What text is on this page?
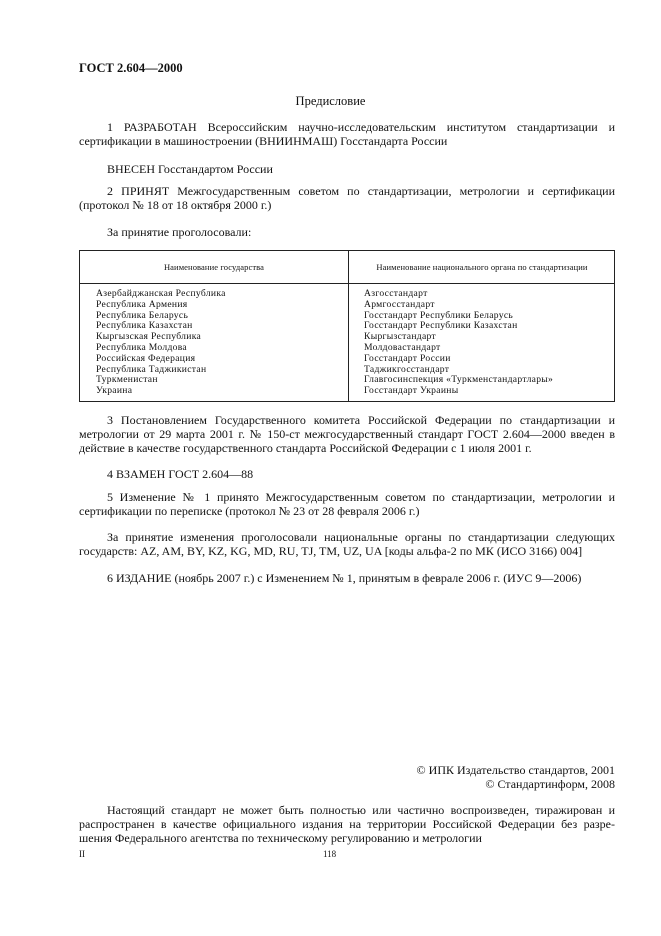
ГОСТ 2.604—2000
Предисловие
1 РАЗРАБОТАН Всероссийским научно-исследовательским институтом стандартизации и
сертификации в машиностроении (ВНИИНМАШ) Госстандарта России
ВНЕСЕН Госстандартом России
2 ПРИНЯТ Межгосударственным советом по стандартизации, метрологии и сертификации
(протокол № 18 от 18 октября 2000 г.)
За принятие проголосовали:
Наименование государства	Наименование национального органа по стандартизации
Азербайджанская Республика
Республика Армения
Республика Беларусь
Республика Казахстан
Кыргызская Республика
Республика Молдова
Российская Федерация
Республика Таджикистан
Туркменистан
Украина
Азгосстандарт
Армгосстандарт
Госстандарт Республики Беларусь
Госстандарт Республики Казахстан
Кыргызстандарт
Молдовастандарт
Госстандарт России
Таджикгосстандарт
Главгосинспекция «Туркменстандартлары»
Госстандарт Украины
3 Постановлением Государственного комитета Российской Федерации по стандартизации и
метрологии от 29 марта 2001 г. № 150-ст межгосударственный стандарт ГОСТ 2.604—2000 введен в
действие в качестве государственного стандарта Российской Федерации с 1 июля 2001 г.
4 ВЗАМЕН ГОСТ 2.604—88
5 Изменение № 1 принято Межгосударственным советом по стандартизации, метрологии и
сертификации по переписке (протокол № 23 от 28 февраля 2006 г.)
За принятие изменения проголосовали национальные органы по стандартизации следующих
государств: AZ, AM, BY, KZ, KG, MD, RU, TJ, TM, UZ, UA [коды альфа-2 по МК (ИСО 3166) 004]
6 ИЗДАНИЕ (ноябрь 2007 г.) с Изменением № 1, принятым в феврале 2006 г. (ИУС 9—2006)
© ИПК Издательство стандартов, 2001
© Стандартинформ, 2008
Настоящий стандарт не может быть полностью или частично воспроизведен, тиражирован и
распространен в качестве официального издания на территории Российской Федерации без разре-
шения Федерального агентства по техническому регулированию и метрологии
II	118
